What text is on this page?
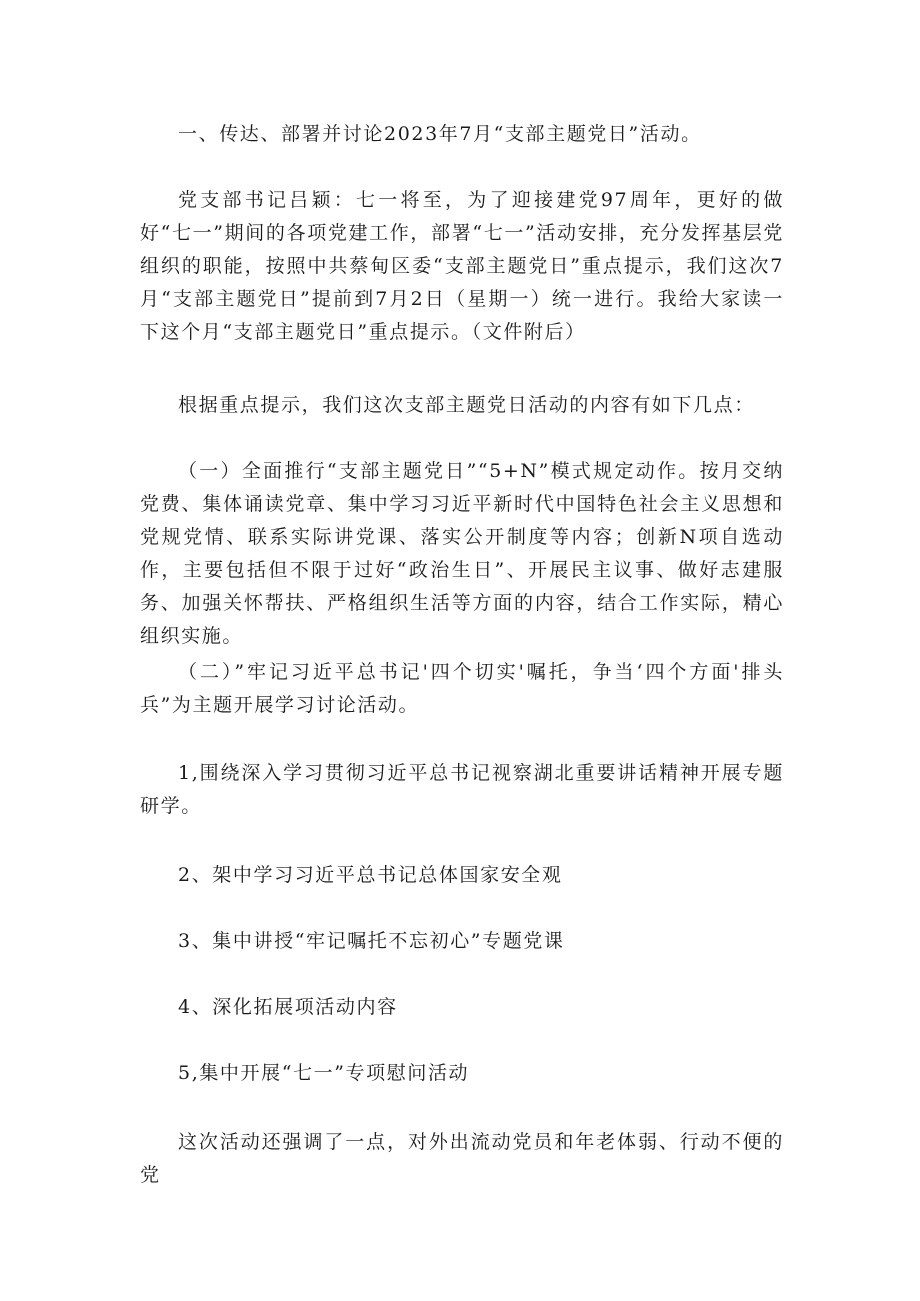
一、传达、部署并讨论2023年7月“支部主题党日”活动。

党支部书记吕颖：七一将至，为了迎接建党97周年，更好的做好“七一”期间的各项党建工作，部署“七一”活动安排，充分发挥基层党组织的职能，按照中共蔡甸区委“支部主题党日”重点提示，我们这次7月“支部主题党日”提前到7月2日（星期一）统一进行。我给大家读一下这个月“支部主题党日”重点提示。（文件附后）

根据重点提示，我们这次支部主题党日活动的内容有如下几点：

（一）全面推行“支部主题党日”“5+N”模式规定动作。按月交纳党费、集体诵读党章、集中学习习近平新时代中国特色社会主义思想和党规党情、联系实际讲党课、落实公开制度等内容；创新N项自选动作，主要包括但不限于过好“政治生日”、开展民主议事、做好志建服务、加强关怀帮扶、严格组织生活等方面的内容，结合工作实际，精心组织实施。

（二）”牢记习近平总书记'四个切实'嘱托，争当‘四个方面'排头兵”为主题开展学习讨论活动。

1,围绕深入学习贯彻习近平总书记视察湖北重要讲话精神开展专题研学。

2、架中学习习近平总书记总体国家安全观

3、集中讲授“牢记嘱托不忘初心”专题党课

4、深化拓展项活动内容

5,集中开展“七一”专项慰问活动

这次活动还强调了一点，对外出流动党员和年老体弱、行动不便的党
